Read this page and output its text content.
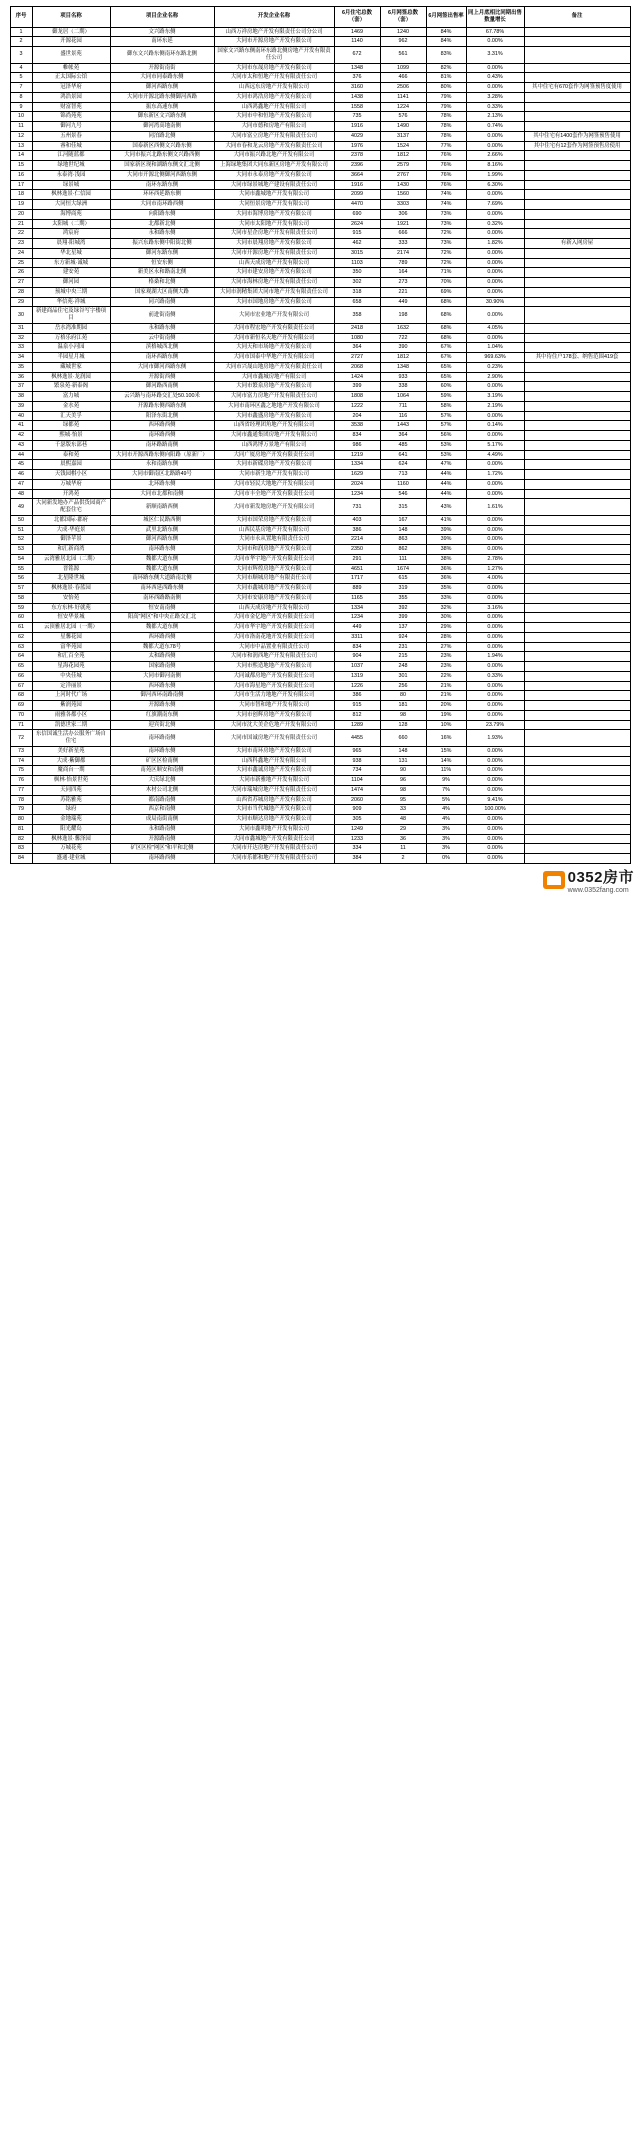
序号	项目名称	项目企业名称	开发企业名称	6月住宅总数（套）	6月网签总数（套）	6月网签出售率	同上月底相比同期出售数量增长	备注
1	御龙居（二期）	文兴路东侧	山西万祥房地产开发有限责任公司分公司	1469	1240	84%	67.78%	
2	开源花园	南环东延	大同市开源房地产开发有限公司	1140	962	84%	0.00%	
3	盛世景苑	御东文兴路东侧南环东路北侧	国家文兴路东侧南环东路北侧房地产开发有限责任公司	672	561	83%	3.31%	
4	帷帐苑	开源街南街	大同市东晟房地产开发有限公司	1348	1099	82%	0.00%	
5	正太国际公馆	大同市同泰路东侧	大同市太和恒地产开发有限责任公司	376	466	81%	0.43%	
7	冠泽华府	御河西路东侧	山西远东房地产开发有限公司	3160	2506	80%	0.00%	其中住宅有670套作为网签预售度使用
8	鸿浩景园	大同市开源北路东侧御河西路	大同市鸿浩房地产开发有限公司	1438	1141	79%	3.28%	
9	财富智苑	振东高速东侧	山西鸿鑫地产开发有限公司	1558	1224	79%	0.33%	
10	锦尚苑苑	御东新区文兴路东侧	大同市中和恒地产开发有限公司	735	576	78%	2.13%	
11	御河九号	御河湾高地南侧	大同市德和房地产有限公司	1916	1490	78%	0.74%	
12	五州景春	同泊路北侧	大同市富立房地产开发有限责任公司	4029	3137	78%	0.00%	其中住宅有1400套作为网签预售使用
13	睿和佳城	国泰新区西侧文兴路东侧	大同市春和龙云房地产开发有限责任公司	1976	1524	77%	0.00%	其中住宅有12套作为网签预售房使用
14	江河随蓝都	大同市振兴北路东侧文兴路西侧	大同市振兴路北地产开发有限公司	2378	1812	76%	2.66%	
15	绿地世纪城	国家新区现和湖路东侧文汇北侧	上海绿地集团大同东新区房地产开发有限公司	2396	2579	76%	8.16%	
16	永泰湾·浅园	大同市开源北侧御河西路东侧	大同市永泰房地产开发有限公司	3664	2767	76%	1.99%	
17	绿景城	南环东路东侧	大同市绿景城地产建设有限责任公司	1916	1430	76%	6.30%	
18	枫林逸景·仁信园	环环西延路东侧	大同市鑫城地产开发有限公司	2099	1560	74%	0.00%	
19	大同恒大绿洲	大同市南环路西侧	大同恒景房地产开发有限公司	4470	3303	74%	7.69%	
20	海博商苑	向阳路东侧	大同市海博房地产开发有限公司	690	306	73%	0.00%	
21	太阳城（二期）	北都新北侧	大同市太阳地产开发有限公司	2624	1921	73%	0.32%	
22	鸿宸府	永和路东侧	大同市星企房地产开发有限责任公司	915	666	72%	0.00%	
23	晨翔·阳城湾	振兴东路东侧中阳街北侧	大同市晨翔房地产开发有限公司	462	333	73%	1.82%	有新入网房屋
24	华北星城	御河东路东侧	大同市开源房地产开发有限责任公司	3015	2174	72%	0.00%	
25	东方新城·诚城	恒安东侧	山西天成房地产开发有限公司	1103	789	72%	0.00%	
26	建安苑	新美区永和路南北侧	大同市建安房地产开发有限公司	350	164	71%	0.00%	
27	御河园	格桑和北侧	大同市海林房地产开发有限责任公司	302	273	70%	0.00%	
28	预城中央三期	国家观湖大区南侧大路	大同市润精集团大同市地产开发有限责任公司	318	221	69%	0.00%	
29	华信苑·祥城	同兴路南侧	大同市国地房地产开发有限公司	658	449	68%	30.90%	
30	新建商品住宅及绿谷写字楼项目	前进街南侧	大同市宏业地产开发有限公司	358	198	68%	0.00%	
31	岳水湾准期园	永和路东侧	大同市程宏地产开发有限责任公司	2418	1632	68%	4.05%	
32	万格乐府江苑	云中街南侧	大同市新恒名天地产开发有限公司	1080	722	68%	0.00%	
33	温泉小河园	滨格城西北侧	大同天和市场地产开发有限公司	364	390	67%	1.04%	
34	半园星月城	南环西路东侧	大同市国泰中华地产开发有限公司	2727	1812	67%	969.63%	其中待住户178套、纳售范围419套
35	藏城世家	大同市御河西路东侧	大同市兴晟山地房地产开发有限责任公司	2068	1348	65%	0.23%	
36	枫林逸景·龙润园	开源街西侧	大同市鑫城房地产有限公司	1424	933	65%	2.90%	
37	繁泉苑·新泰阁	御河路西南侧	大同市繁泉房地产开发有限公司	399	338	60%	0.00%	
38	富力城	云兴路与南环路交汇处50.100米	大同市富力房地产开发有限责任公司	1808	1064	59%	3.19%	
39	金水苑	开源路东侧西路东侧	大同市南环区鑫之地地产开发有限公司	1222	711	58%	2.19%	
40	汇天美孚	阳泽东街北侧	大同市鑫盛房地产开发有限公司	204	116	57%	0.00%	
41	绿都苑	西环路西侧	山西省经理团角地产开发有限公司	3538	1443	57%	0.14%	
42	熙城·怡景	南环路西侧	大同市鑫通集团房地产开发有限公司	834	364	56%	0.00%	
43	千瑟版东部巷	南环路路南侧	山西鸿博万景地产有限公司	986	485	53%	5.17%	
44	泰和苑	大同市开源西路东侧向阳路（原新厂）	大同广厦房地产开发有限责任公司	1219	641	53%	4.49%	
45	晨熙嘉园	永和南路东侧	大同市新碟房地产开发有限公司	1334	624	47%	0.00%	
46	天钱园棋小区	大同市御南区北路路49号	大同市新生地产开发有限公司	1629	713	44%	1.72%	
47	万城华府	北环路东侧	大同市轻民大地地产开发有限公司	2024	1160	44%	0.00%	
48	开鸿苑	大同市北都和南侧	大同市丰全地产开发有限责任公司	1234	546	44%	0.00%	
49	大同新发地办产品供货园商产配套住宅	新顺南路西侧	大同市新发地房地产开发有限公司	731	315	43%	1.61%	
50	北都国际·郡府	城区仁民路西侧	大同市国荣房地产开发有限公司	403	167	41%	0.00%	
51	大成·华庭景	武里北路东侧	山西民基房地产开发有限公司	386	148	39%	0.00%	
52	御泽苹景	御河西路东侧	大同市永从置地有限责任公司	2214	863	39%	0.00%	
53	和汇新商湾	南环路东侧	大同市和润房地产开发有限公司	2350	862	38%	0.00%	
54	云湾雅居北园（二期）	魏都大道东侧	大同市华宇地产开发有限责任公司	291	111	38%	2.78%	
55	晋铭源	魏都大道东侧	大同市辉煌房地产开发有限公司	4651	1674	36%	1.27%	
56	北星隆世城	南环路东侧大道路南北侧	大同市顺城房地产有限责任公司	1717	615	36%	4.00%	
57	枫林逸景·春蓝园	南环西延西路东侧	大同市鑫城房地产开发有限公司	889	319	35%	0.00%	
58	安怡苑	南环西路路南侧	大同市安康房地产开发有限公司	1165	355	33%	0.00%	
59	东方东林·好就苑	恒安南南侧	山西天成房地产开发有限公司	1334	392	32%	3.16%	
60	恒安华景城	阳高"网区"和中央正路交汇北	大同市金亿地产开发有限责任公司	1234	399	30%	0.00%	
61	云顶雅居北园（一期）	魏都大道东侧	大同市华宇地产开发有限责任公司	449	137	29%	0.00%	
62	星馨花园	西环路西侧	大同市洛南花地开发有限责任公司	3311	924	28%	0.00%	
63	富华苑园	魏都大道东78号	大同市中品置业有限责任公司	834	231	27%	0.00%	
64	和汇百全苑	太和路西侧	大同市和润西地产开发有限责任公司	904	215	23%	1.94%	
65	星海花园苑	国家路南侧	大同市熙造地地产开发有限公司	1037	248	23%	0.00%	
66	中央佳城	大同市御河南侧	大同诚都房地产开发有限责任公司	1319	301	22%	0.33%	
67	定洋丽景	西环路东侧	大同市海星地产开发有限责任公司	1226	256	21%	0.00%	
68	上河时代广场	御河西环南路南侧	大同市生活力地地产开发有限公司	386	80	21%	0.00%	
69	紫润苑园	开源路东侧	大同市智和地产开发有限公司	915	181	20%	0.00%	
70	雨雅各都小区	红旗潮南东侧	大同市创辉房地产开发有限公司	812	98	19%	0.00%	
71	凯德世家二期	迎宾街北侧	大同市沈大美企危地产开发有限公司	1289	128	10%	23.79%	
72	东信国诚生活办公服务广场自住宅	南环路南侧	大同市国诚房地产开发有限责任公司	4455	660	16%	1.93%	
73	美好新星苑	南环路东侧	大同市南环房地产开发有限公司	965	148	15%	0.00%	
74	大成·紫御都	矿区区检南侧	山西科鑫地产开发有限公司	938	131	14%	0.00%	
75	魔商台一期	南苑区顺安和南侧	大同市鑫诚房地产开发有限公司	734	90	11%	0.00%	
76	枫林·怡景世苑	大庆绿北侧	大同市新雅地产开发有限公司	1104	96	9%	0.00%	
77	天同四苑	木材公司北侧	大同市瑞城房地产开发有限责任公司	1474	98	7%	0.00%	
78	苏铭雅苑	都南路南侧	山西省苏城房地产开发有限公司	2060	95	5%	9.41%	
79	绿府	西京和南侧	大同市当代城地产开发有限公司	909	33	4%	100.00%	
80	金地瑞苑	成局南街南侧	大同市顺达房地产开发有限公司	305	48	4%	0.00%	
81	阳光耀岛	永和路南侧	大同市鑫明地产开发有限公司	1249	29	3%	0.00%	
82	枫林逸景·馨泽园	开源路南侧	大同市鑫城地产开发有限责任公司	1233	36	3%	0.00%	
83	万城花苑	矿区区检"网区"和平和北侧	大同市开达房地产开发有限责任公司	334	11	3%	0.00%	
84	盛通·建业城	南环路西侧	大同市乐都和地产开发有限责任公司	384	2	0%	0.00%	
0352房市
www.0352fang.com
